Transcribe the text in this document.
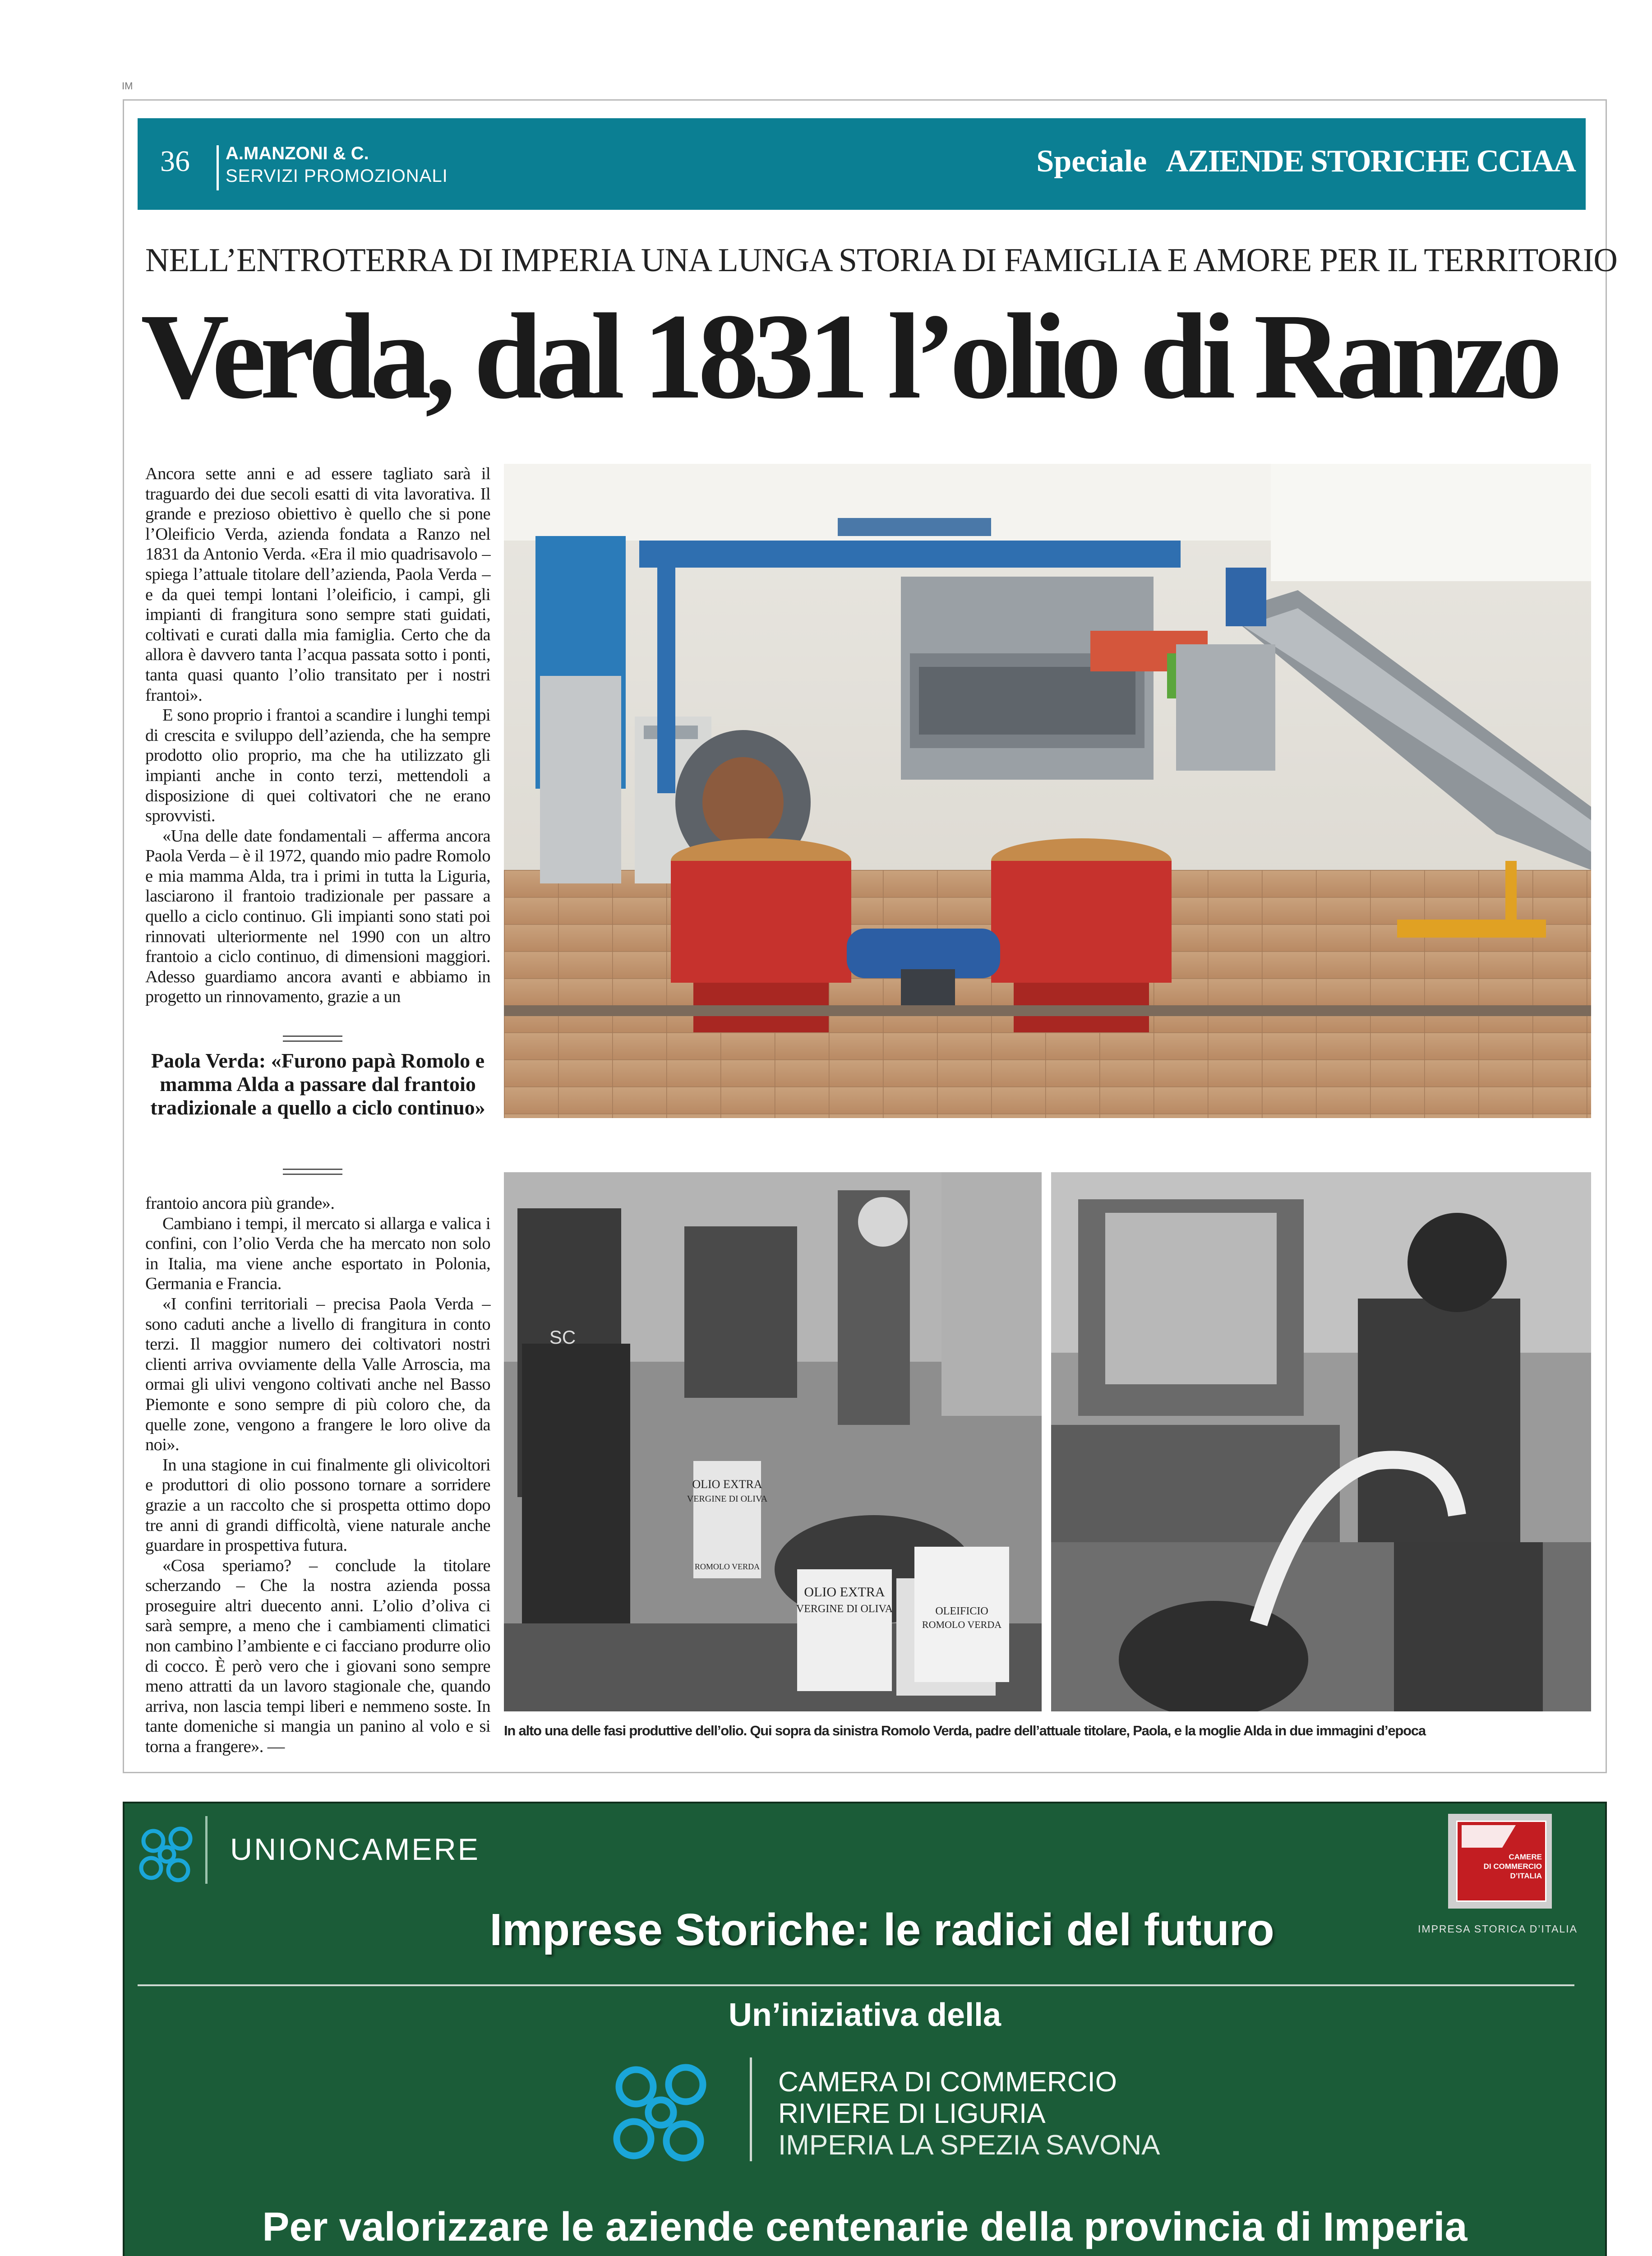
IM
36 A.MANZONI & C.
SERVIZI PROMOZIONALI	Speciale AZIENDE STORICHE CCIAA
NELL’ENTROTERRA DI IMPERIA UNA LUNGA STORIA DI FAMIGLIA E AMORE PER IL TERRITORIO
Verda, dal 1831 l’olio di Ranzo

Ancora sette anni e ad essere tagliato sarà il traguardo dei due secoli esatti di vita lavorativa. Il grande e prezioso obiettivo è quello che si pone l’Oleificio Verda, azienda fondata a Ranzo nel 1831 da Antonio Verda. «Era il mio quadrisavolo – spiega l’attuale titolare dell’azienda, Paola Verda – e da quei tempi lontani l’oleificio, i campi, gli impianti di frangitura sono sempre stati guidati, coltivati e curati dalla mia famiglia. Certo che da allora è davvero tanta l’acqua passata sotto i ponti, tanta quasi quanto l’olio transitato per i nostri frantoi».

E sono proprio i frantoi a scandire i lunghi tempi di crescita e sviluppo dell’azienda, che ha sempre prodotto olio proprio, ma che ha utilizzato gli impianti anche in conto terzi, mettendoli a disposizione di quei coltivatori che ne erano sprovvisti.

«Una delle date fondamentali – afferma ancora Paola Verda – è il 1972, quando mio padre Romolo e mia mamma Alda, tra i primi in tutta la Liguria, lasciarono il frantoio tradizionale per passare a quello a ciclo continuo. Gli impianti sono stati poi rinnovati ulteriormente nel 1990 con un altro frantoio a ciclo continuo, di dimensioni maggiori. Adesso guardiamo ancora avanti e abbiamo in progetto un rinnovamento, grazie a un

Paola Verda: «Furono papà Romolo e mamma Alda a passare dal frantoio tradizionale a quello a ciclo continuo»

frantoio ancora più grande».

Cambiano i tempi, il mercato si allarga e valica i confini, con l’olio Verda che ha mercato non solo in Italia, ma viene anche esportato in Polonia, Germania e Francia.

«I confini territoriali – precisa Paola Verda – sono caduti anche a livello di frangitura in conto terzi. Il maggior numero dei coltivatori nostri clienti arriva ovviamente della Valle Arroscia, ma ormai gli ulivi vengono coltivati anche nel Basso Piemonte e sono sempre di più coloro che, da quelle zone, vengono a frangere le loro olive da noi».

In una stagione in cui finalmente gli olivicoltori e produttori di olio possono tornare a sorridere grazie a un raccolto che si prospetta ottimo dopo tre anni di grandi difficoltà, viene naturale anche guardare in prospettiva futura.

«Cosa speriamo? – conclude la titolare scherzando – Che la nostra azienda possa proseguire altri duecento anni. L’olio d’oliva ci sarà sempre, a meno che i cambiamenti climatici non cambino l’ambiente e ci facciano produrre olio di cocco. È però vero che i giovani sono sempre meno attratti da un lavoro stagionale che, quando arriva, non lascia tempi liberi e nemmeno soste. In tante domeniche si mangia un panino al volo e si torna a frangere». —

OLIO EXTRA
VERGINE DI OLIVA
ROMOLO VERDA
OLIO EXTRA
VERGINE DI OLIVA	OLEIFICIO
ROMOLO VERDA
SC
In alto una delle fasi produttive dell’olio. Qui sopra da sinistra Romolo Verda, padre dell’attuale titolare, Paola, e la moglie Alda in due immagini d’epoca
UNIONCAMERE
Imprese Storiche: le radici del futuro
Un’iniziativa della
CAMERA DI COMMERCIO
RIVIERE DI LIGURIA
IMPERIA LA SPEZIA SAVONA
Per valorizzare le aziende centenarie della provincia di Imperia
CAMERE
DI COMMERCIO
D’ITALIA
IMPRESA STORICA D’ITALIA
